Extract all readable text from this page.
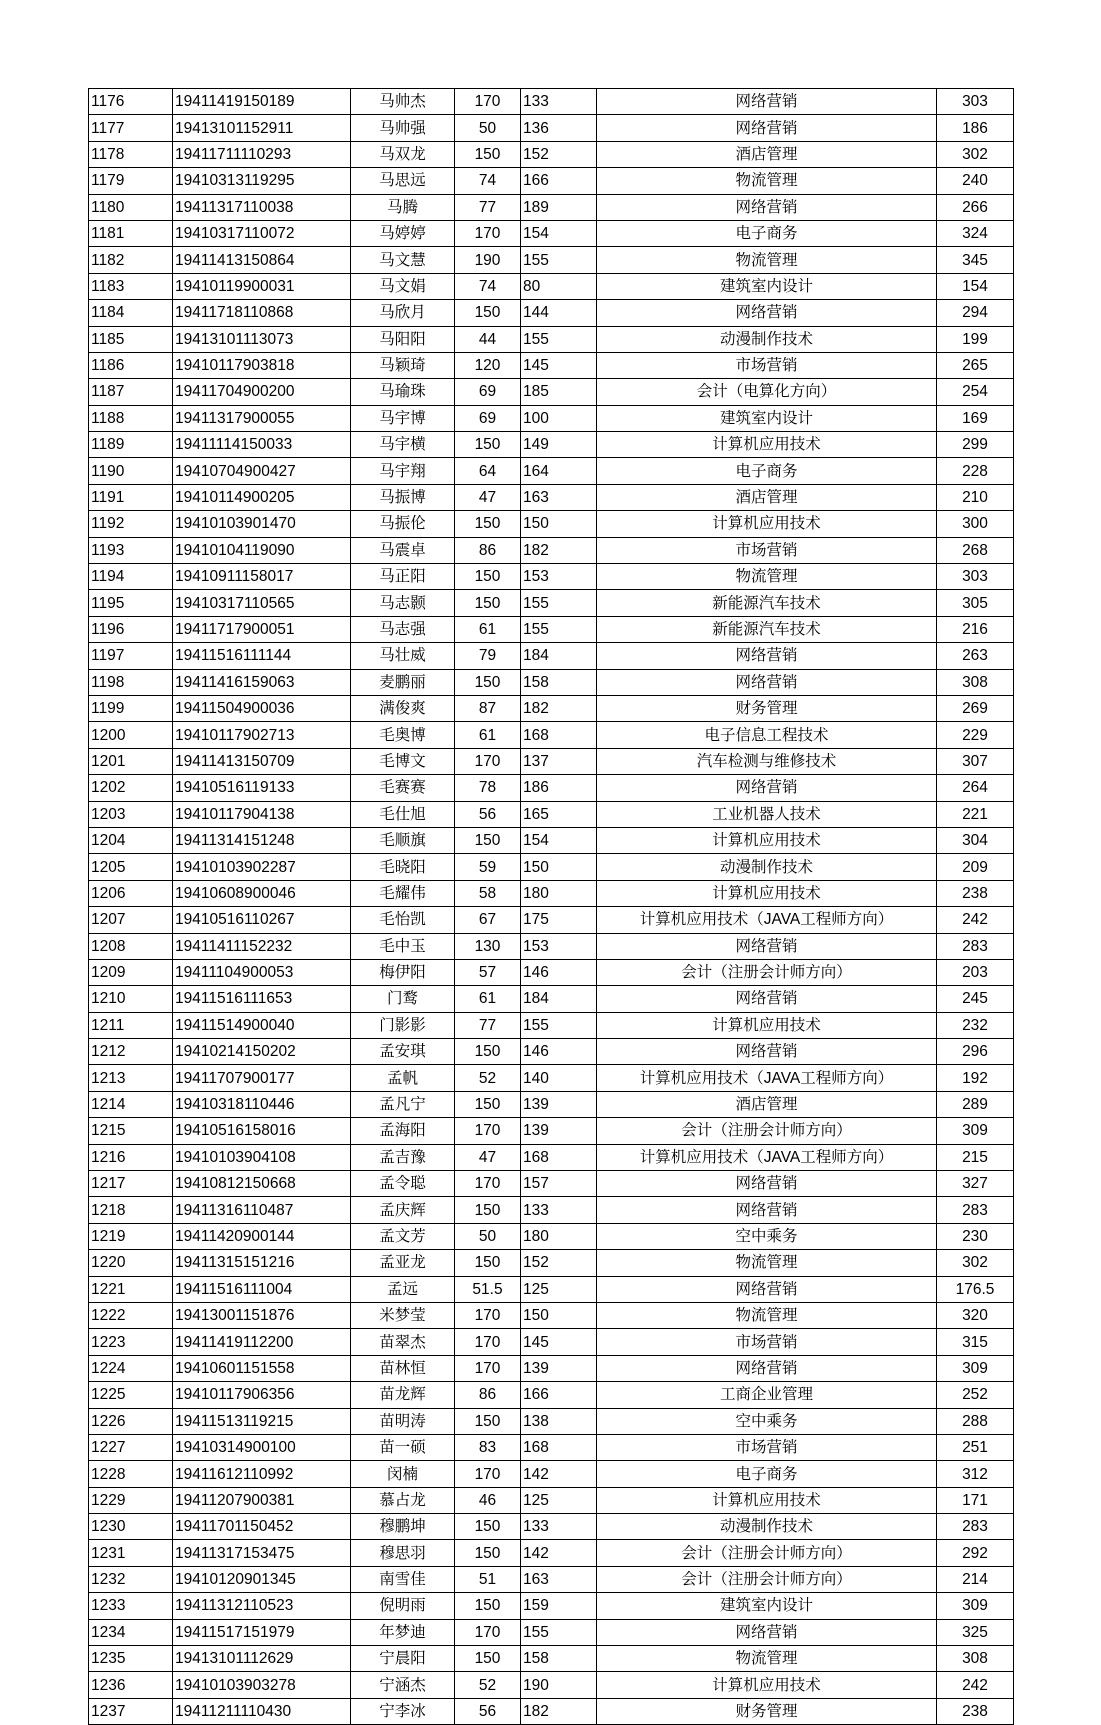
1176	19411419150189	马帅杰	170	133	网络营销	303
1177	19413101152911	马帅强	50	136	网络营销	186
1178	19411711110293	马双龙	150	152	酒店管理	302
1179	19410313119295	马思远	74	166	物流管理	240
1180	19411317110038	马腾	77	189	网络营销	266
1181	19410317110072	马婷婷	170	154	电子商务	324
1182	19411413150864	马文慧	190	155	物流管理	345
1183	19410119900031	马文娟	74	80	建筑室内设计	154
1184	19411718110868	马欣月	150	144	网络营销	294
1185	19413101113073	马阳阳	44	155	动漫制作技术	199
1186	19410117903818	马颖琦	120	145	市场营销	265
1187	19411704900200	马瑜珠	69	185	会计（电算化方向）	254
1188	19411317900055	马宇博	69	100	建筑室内设计	169
1189	19411114150033	马宇横	150	149	计算机应用技术	299
1190	19410704900427	马宇翔	64	164	电子商务	228
1191	19410114900205	马振博	47	163	酒店管理	210
1192	19410103901470	马振伦	150	150	计算机应用技术	300
1193	19410104119090	马震卓	86	182	市场营销	268
1194	19410911158017	马正阳	150	153	物流管理	303
1195	19410317110565	马志颢	150	155	新能源汽车技术	305
1196	19411717900051	马志强	61	155	新能源汽车技术	216
1197	19411516111144	马壮威	79	184	网络营销	263
1198	19411416159063	麦鹏丽	150	158	网络营销	308
1199	19411504900036	满俊爽	87	182	财务管理	269
1200	19410117902713	毛奥博	61	168	电子信息工程技术	229
1201	19411413150709	毛博文	170	137	汽车检测与维修技术	307
1202	19410516119133	毛赛赛	78	186	网络营销	264
1203	19410117904138	毛仕旭	56	165	工业机器人技术	221
1204	19411314151248	毛顺旗	150	154	计算机应用技术	304
1205	19410103902287	毛晓阳	59	150	动漫制作技术	209
1206	19410608900046	毛耀伟	58	180	计算机应用技术	238
1207	19410516110267	毛怡凯	67	175	计算机应用技术（JAVA工程师方向）	242
1208	19411411152232	毛中玉	130	153	网络营销	283
1209	19411104900053	梅伊阳	57	146	会计（注册会计师方向）	203
1210	19411516111653	门鹜	61	184	网络营销	245
1211	19411514900040	门影影	77	155	计算机应用技术	232
1212	19410214150202	孟安琪	150	146	网络营销	296
1213	19411707900177	孟帆	52	140	计算机应用技术（JAVA工程师方向）	192
1214	19410318110446	孟凡宁	150	139	酒店管理	289
1215	19410516158016	孟海阳	170	139	会计（注册会计师方向）	309
1216	19410103904108	孟吉豫	47	168	计算机应用技术（JAVA工程师方向）	215
1217	19410812150668	孟令聪	170	157	网络营销	327
1218	19411316110487	孟庆辉	150	133	网络营销	283
1219	19411420900144	孟文芳	50	180	空中乘务	230
1220	19411315151216	孟亚龙	150	152	物流管理	302
1221	19411516111004	孟远	51.5	125	网络营销	176.5
1222	19413001151876	米梦莹	170	150	物流管理	320
1223	19411419112200	苗翠杰	170	145	市场营销	315
1224	19410601151558	苗林恒	170	139	网络营销	309
1225	19410117906356	苗龙辉	86	166	工商企业管理	252
1226	19411513119215	苗明涛	150	138	空中乘务	288
1227	19410314900100	苗一硕	83	168	市场营销	251
1228	19411612110992	闵楠	170	142	电子商务	312
1229	19411207900381	慕占龙	46	125	计算机应用技术	171
1230	19411701150452	穆鹏坤	150	133	动漫制作技术	283
1231	19411317153475	穆思羽	150	142	会计（注册会计师方向）	292
1232	19410120901345	南雪佳	51	163	会计（注册会计师方向）	214
1233	19411312110523	倪明雨	150	159	建筑室内设计	309
1234	19411517151979	年梦迪	170	155	网络营销	325
1235	19413101112629	宁晨阳	150	158	物流管理	308
1236	19410103903278	宁涵杰	52	190	计算机应用技术	242
1237	19411211110430	宁李冰	56	182	财务管理	238
